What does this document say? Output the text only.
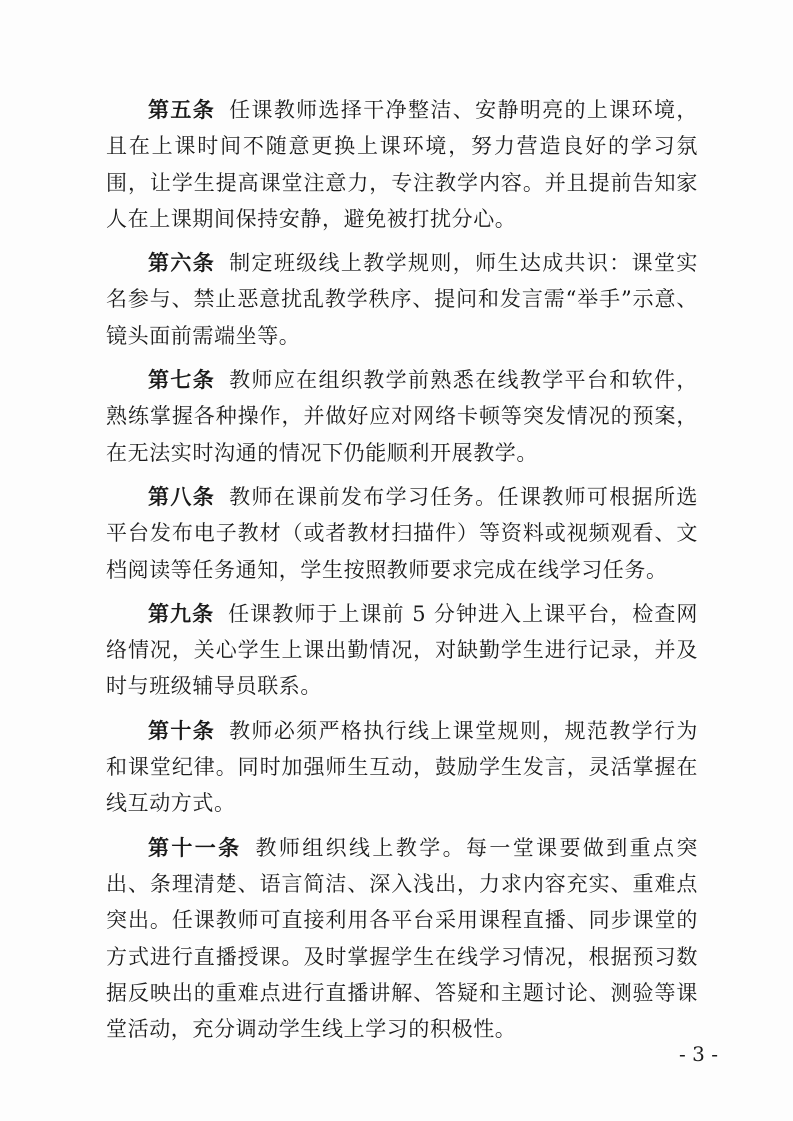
第五条 任课教师选择干净整洁、安静明亮的上课环境，且在上课时间不随意更换上课环境，努力营造良好的学习氛围，让学生提高课堂注意力，专注教学内容。并且提前告知家人在上课期间保持安静，避免被打扰分心。

第六条 制定班级线上教学规则，师生达成共识：课堂实名参与、禁止恶意扰乱教学秩序、提问和发言需“举手”示意、镜头面前需端坐等。

第七条 教师应在组织教学前熟悉在线教学平台和软件，熟练掌握各种操作，并做好应对网络卡顿等突发情况的预案，在无法实时沟通的情况下仍能顺利开展教学。

第八条 教师在课前发布学习任务。任课教师可根据所选平台发布电子教材（或者教材扫描件）等资料或视频观看、文档阅读等任务通知，学生按照教师要求完成在线学习任务。

第九条 任课教师于上课前 5 分钟进入上课平台，检查网络情况，关心学生上课出勤情况，对缺勤学生进行记录，并及时与班级辅导员联系。

第十条 教师必须严格执行线上课堂规则，规范教学行为和课堂纪律。同时加强师生互动，鼓励学生发言，灵活掌握在线互动方式。

第十一条 教师组织线上教学。每一堂课要做到重点突出、条理清楚、语言简洁、深入浅出，力求内容充实、重难点突出。任课教师可直接利用各平台采用课程直播、同步课堂的方式进行直播授课。及时掌握学生在线学习情况，根据预习数据反映出的重难点进行直播讲解、答疑和主题讨论、测验等课堂活动，充分调动学生线上学习的积极性。

- 3 -
